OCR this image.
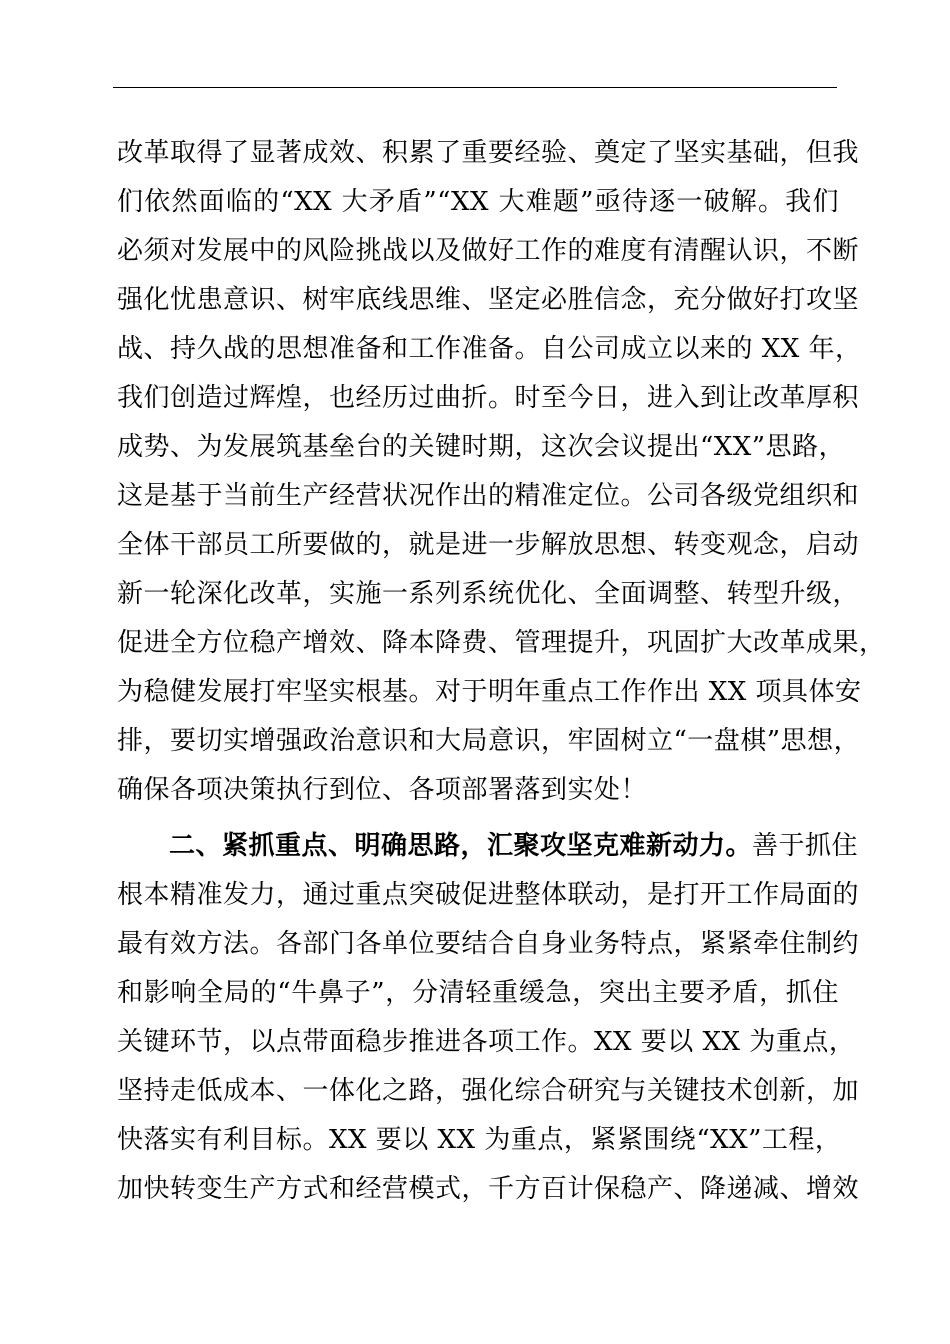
改革取得了显著成效、积累了重要经验、奠定了坚实基础，但我
们依然面临的“XX 大矛盾”“XX 大难题”亟待逐一破解。我们
必须对发展中的风险挑战以及做好工作的难度有清醒认识，不断
强化忧患意识、树牢底线思维、坚定必胜信念，充分做好打攻坚
战、持久战的思想准备和工作准备。自公司成立以来的 XX 年，
我们创造过辉煌，也经历过曲折。时至今日，进入到让改革厚积
成势、为发展筑基垒台的关键时期，这次会议提出“XX”思路，
这是基于当前生产经营状况作出的精准定位。公司各级党组织和
全体干部员工所要做的，就是进一步解放思想、转变观念，启动
新一轮深化改革，实施一系列系统优化、全面调整、转型升级，
促进全方位稳产增效、降本降费、管理提升，巩固扩大改革成果，
为稳健发展打牢坚实根基。对于明年重点工作作出 XX 项具体安
排，要切实增强政治意识和大局意识，牢固树立“一盘棋”思想，
确保各项决策执行到位、各项部署落到实处！
二、紧抓重点、明确思路，汇聚攻坚克难新动力。善于抓住
根本精准发力，通过重点突破促进整体联动，是打开工作局面的
最有效方法。各部门各单位要结合自身业务特点，紧紧牵住制约
和影响全局的“牛鼻子”，分清轻重缓急，突出主要矛盾，抓住
关键环节，以点带面稳步推进各项工作。XX 要以 XX 为重点，
坚持走低成本、一体化之路，强化综合研究与关键技术创新，加
快落实有利目标。XX 要以 XX 为重点，紧紧围绕“XX”工程，
加快转变生产方式和经营模式，千方百计保稳产、降递减、增效
